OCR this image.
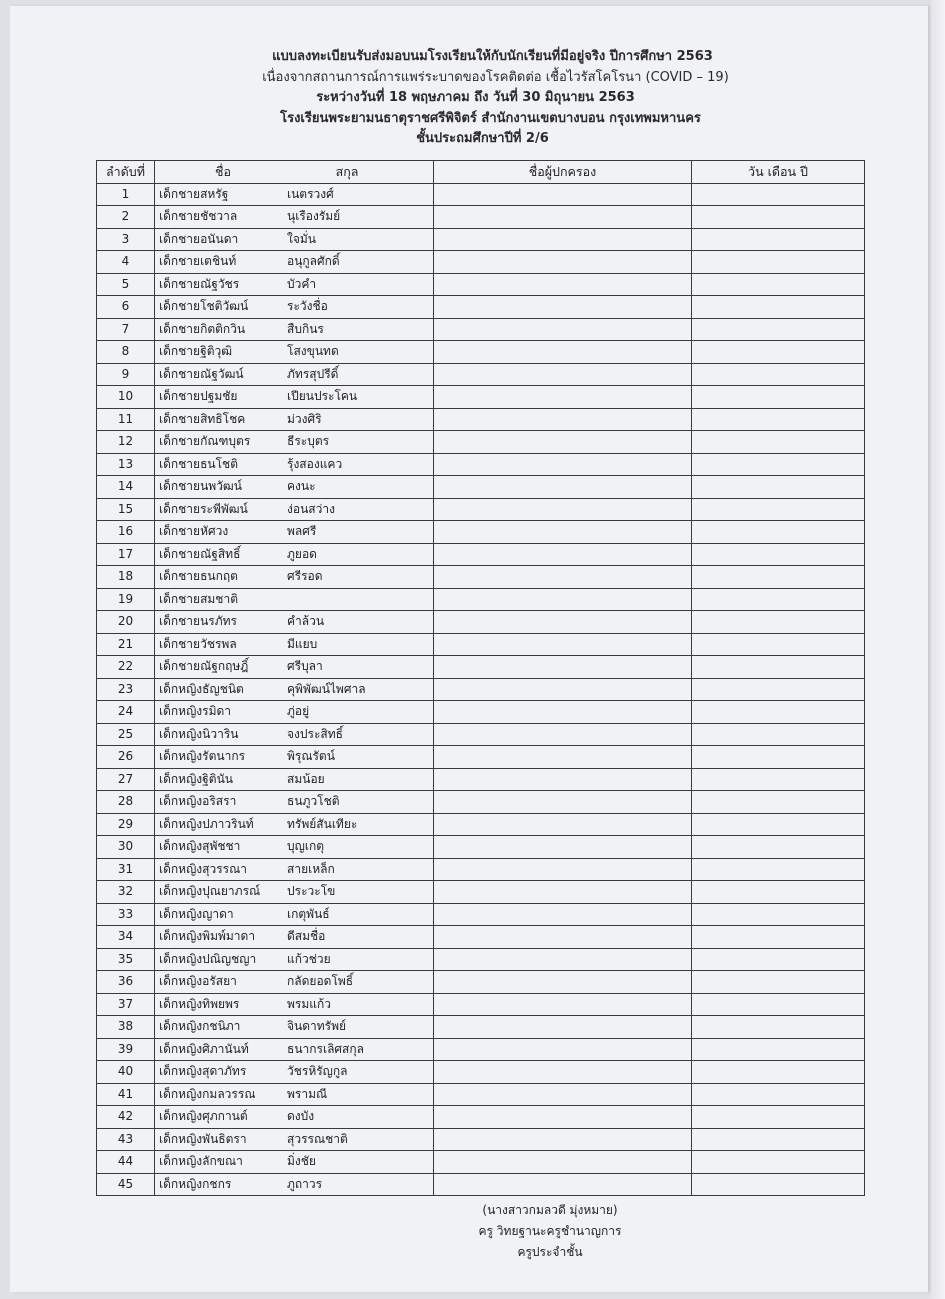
แบบลงทะเบียนรับส่งมอบนมโรงเรียนให้กับนักเรียนที่มีอยู่จริง ปีการศึกษา 2563
เนื่องจากสถานการณ์การแพร่ระบาดของโรคติดต่อ เชื้อไวรัสโคโรนา (COVID – 19)
ระหว่างวันที่ 18 พฤษภาคม ถึง วันที่ 30 มิถุนายน 2563
โรงเรียนพระยามนธาตุราชศรีพิจิตร์ สำนักงานเขตบางบอน กรุงเทพมหานคร
ชั้นประถมศึกษาปีที่ 2/6
ลำดับที่	ชื่อ สกุล	ชื่อผู้ปกครอง	วัน เดือน ปี
1	เด็กชายสหรัฐ เนตรวงศ์		
2	เด็กชายชัชวาล นุเรืองรัมย์		
3	เด็กชายอนันดา ใจมั่น		
4	เด็กชายเตชินท์ อนุกูลศักดิ์		
5	เด็กชายณัฐวัชร บัวคำ		
6	เด็กชายโชติวัฒน์ ระวังชื่อ		
7	เด็กชายกิตติกวิน สืบกินร		
8	เด็กชายฐิติวุฒิ โสงขุนทด		
9	เด็กชายณัฐวัฒน์ ภัทรสุปรีดิ์		
10	เด็กชายปฐมชัย เปียนประโคน		
11	เด็กชายสิทธิโชค ม่วงศิริ		
12	เด็กชายกัณฑบุตร ธีระบุตร		
13	เด็กชายธนโชติ รุ้งสองแคว		
14	เด็กชายนพวัฒน์ คงนะ		
15	เด็กชายระพีพัฒน์ ง่อนสว่าง		
16	เด็กชายหัศวง พลศรี		
17	เด็กชายณัฐสิทธิ์ ภูยอด		
18	เด็กชายธนกฤต ศรีรอด		
19	เด็กชายสมชาติ		
20	เด็กชายนรภัทร คำล้วน		
21	เด็กชายวัชรพล มีแยบ		
22	เด็กชายณัฐกฤษฎิ์ ศรีบุลา		
23	เด็กหญิงธัญชนิต คุพิพัฒน์ไพศาล		
24	เด็กหญิงรมิดา ภู่อยู่		
25	เด็กหญิงนิวาริน จงประสิทธิ์		
26	เด็กหญิงรัตนากร พิรุณรัตน์		
27	เด็กหญิงฐิตินัน สมน้อย		
28	เด็กหญิงอริสรา ธนภูวโชติ		
29	เด็กหญิงปภาวรินท์ ทรัพย์สันเทียะ		
30	เด็กหญิงสุพัชชา บุญเกตุ		
31	เด็กหญิงสุวรรณา สายเหล็ก		
32	เด็กหญิงปุณยาภรณ์ ประวะโข		
33	เด็กหญิงญาดา เกตุพันธ์		
34	เด็กหญิงพิมพ์มาดา ดีสมชื่อ		
35	เด็กหญิงปณิญชญา แก้วช่วย		
36	เด็กหญิงอรัสยา กลัดยอดโพธิ์		
37	เด็กหญิงทิพยพร พรมแก้ว		
38	เด็กหญิงกชนิภา จินดาทรัพย์		
39	เด็กหญิงศิภานันท์ ธนากรเลิศสกุล		
40	เด็กหญิงสุดาภัทร วัชรหิรัญกูล		
41	เด็กหญิงกมลวรรณ พรามณี		
42	เด็กหญิงศุภกานต์ ดงบัง		
43	เด็กหญิงพันธิตรา สุวรรณชาติ		
44	เด็กหญิงลักขณา มิ่งชัย		
45	เด็กหญิงกชกร ภูถาวร		
(นางสาวกมลวดี มุ่งหมาย)
ครู วิทยฐานะครูชำนาญการ
ครูประจำชั้น
